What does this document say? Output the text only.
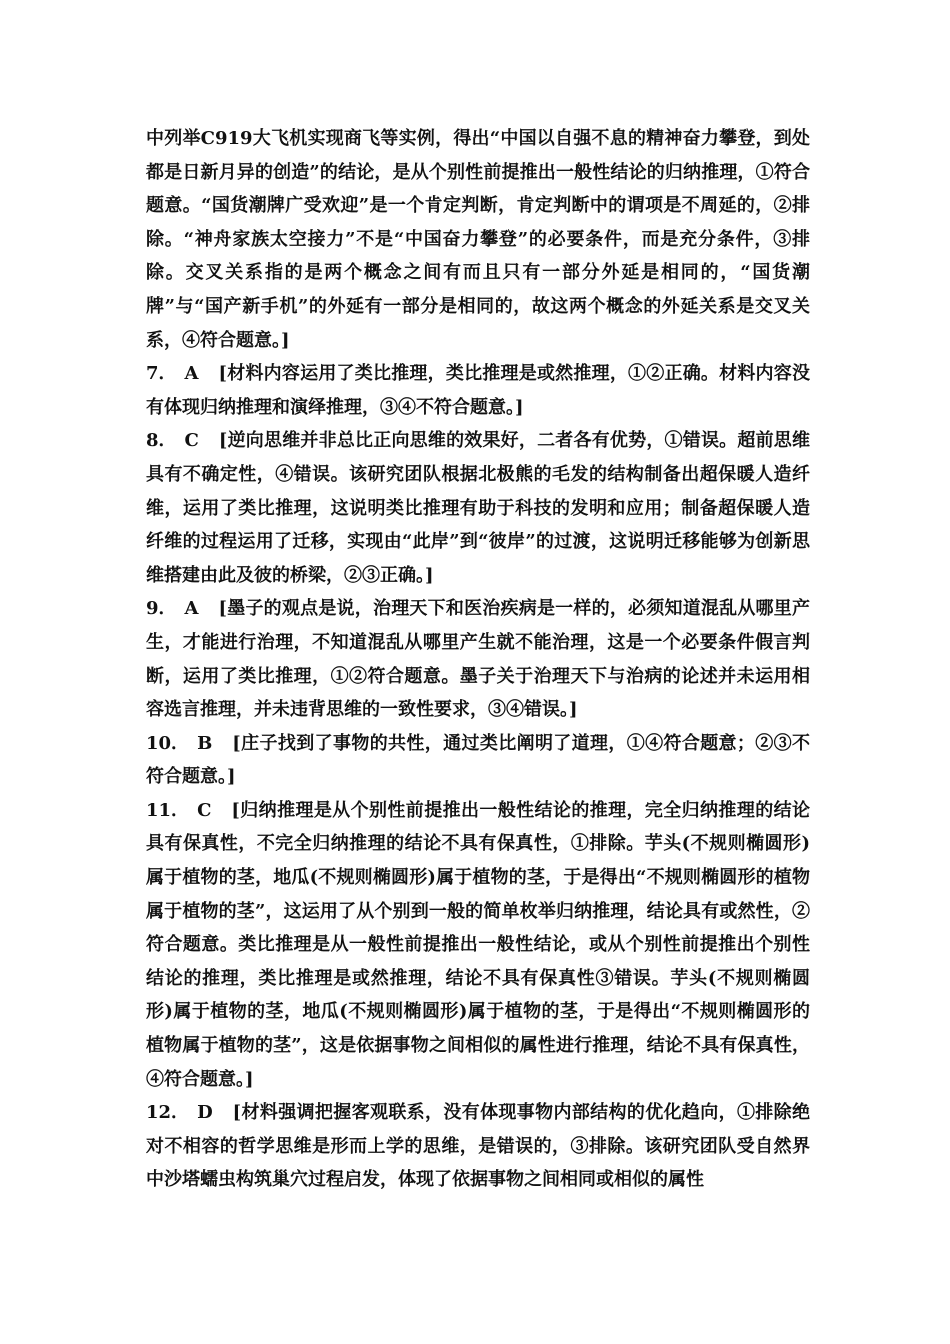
中列举C919大飞机实现商飞等实例，得出“中国以自强不息的精神奋力攀登，到处都是日新月异的创造”的结论，是从个别性前提推出一般性结论的归纳推理，①符合题意。“国货潮牌广受欢迎”是一个肯定判断，肯定判断中的谓项是不周延的，②排除。“神舟家族太空接力”不是“中国奋力攀登”的必要条件，而是充分条件，③排除。交叉关系指的是两个概念之间有而且只有一部分外延是相同的，“国货潮牌”与“国产新手机”的外延有一部分是相同的，故这两个概念的外延关系是交叉关系，④符合题意。]

7． A [材料内容运用了类比推理，类比推理是或然推理，①②正确。材料内容没有体现归纳推理和演绎推理，③④不符合题意。]

8． C [逆向思维并非总比正向思维的效果好，二者各有优势，①错误。超前思维具有不确定性，④错误。该研究团队根据北极熊的毛发的结构制备出超保暖人造纤维，运用了类比推理，这说明类比推理有助于科技的发明和应用；制备超保暖人造纤维的过程运用了迁移，实现由“此岸”到“彼岸”的过渡，这说明迁移能够为创新思维搭建由此及彼的桥梁，②③正确。]

9． A [墨子的观点是说，治理天下和医治疾病是一样的，必须知道混乱从哪里产生，才能进行治理，不知道混乱从哪里产生就不能治理，这是一个必要条件假言判断，运用了类比推理，①②符合题意。墨子关于治理天下与治病的论述并未运用相容选言推理，并未违背思维的一致性要求，③④错误。]

10． B [庄子找到了事物的共性，通过类比阐明了道理，①④符合题意；②③不符合题意。]

11． C [归纳推理是从个别性前提推出一般性结论的推理，完全归纳推理的结论具有保真性，不完全归纳推理的结论不具有保真性，①排除。芋头(不规则椭圆形)属于植物的茎，地瓜(不规则椭圆形)属于植物的茎，于是得出“不规则椭圆形的植物属于植物的茎”，这运用了从个别到一般的简单枚举归纳推理，结论具有或然性，②符合题意。类比推理是从一般性前提推出一般性结论，或从个别性前提推出个别性结论的推理，类比推理是或然推理，结论不具有保真性③错误。芋头(不规则椭圆形)属于植物的茎，地瓜(不规则椭圆形)属于植物的茎，于是得出“不规则椭圆形的植物属于植物的茎”，这是依据事物之间相似的属性进行推理，结论不具有保真性，④符合题意。]

12． D [材料强调把握客观联系，没有体现事物内部结构的优化趋向，①排除绝对不相容的哲学思维是形而上学的思维，是错误的，③排除。该研究团队受自然界中沙塔蠕虫构筑巢穴过程启发，体现了依据事物之间相同或相似的属性
